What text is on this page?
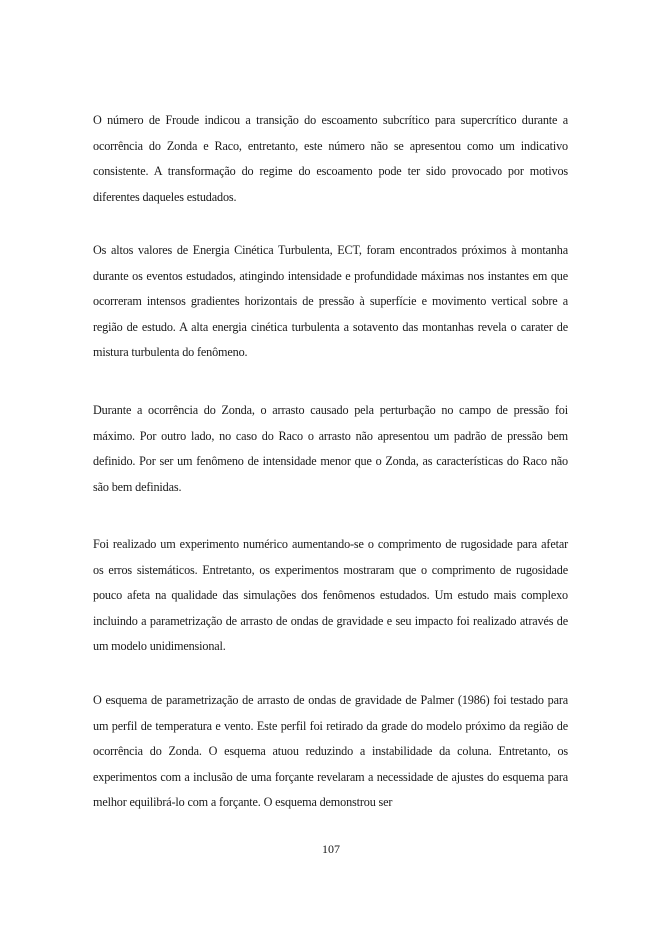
O número de Froude indicou a transição do escoamento subcrítico para supercrítico durante a ocorrência do Zonda e Raco, entretanto, este número não se apresentou como um indicativo consistente. A transformação do regime do escoamento pode ter sido provocado por motivos diferentes daqueles estudados.

Os altos valores de Energia Cinética Turbulenta, ECT, foram encontrados próximos à montanha durante os eventos estudados, atingindo intensidade e profundidade máximas nos instantes em que ocorreram intensos gradientes horizontais de pressão à superfície e movimento vertical sobre a região de estudo. A alta energia cinética turbulenta a sotavento das montanhas revela o carater de mistura turbulenta do fenômeno.

Durante a ocorrência do Zonda, o arrasto causado pela perturbação no campo de pressão foi máximo. Por outro lado, no caso do Raco o arrasto não apresentou um padrão de pressão bem definido. Por ser um fenômeno de intensidade menor que o Zonda, as características do Raco não são bem definidas.

Foi realizado um experimento numérico aumentando-se o comprimento de rugosidade para afetar os erros sistemáticos. Entretanto, os experimentos mostraram que o comprimento de rugosidade pouco afeta na qualidade das simulações dos fenômenos estudados. Um estudo mais complexo incluindo a parametrização de arrasto de ondas de gravidade e seu impacto foi realizado através de um modelo unidimensional.

O esquema de parametrização de arrasto de ondas de gravidade de Palmer (1986) foi testado para um perfil de temperatura e vento. Este perfil foi retirado da grade do modelo próximo da região de ocorrência do Zonda. O esquema atuou reduzindo a instabilidade da coluna. Entretanto, os experimentos com a inclusão de uma forçante revelaram a necessidade de ajustes do esquema para melhor equilibrá-lo com a forçante. O esquema demonstrou ser

107
